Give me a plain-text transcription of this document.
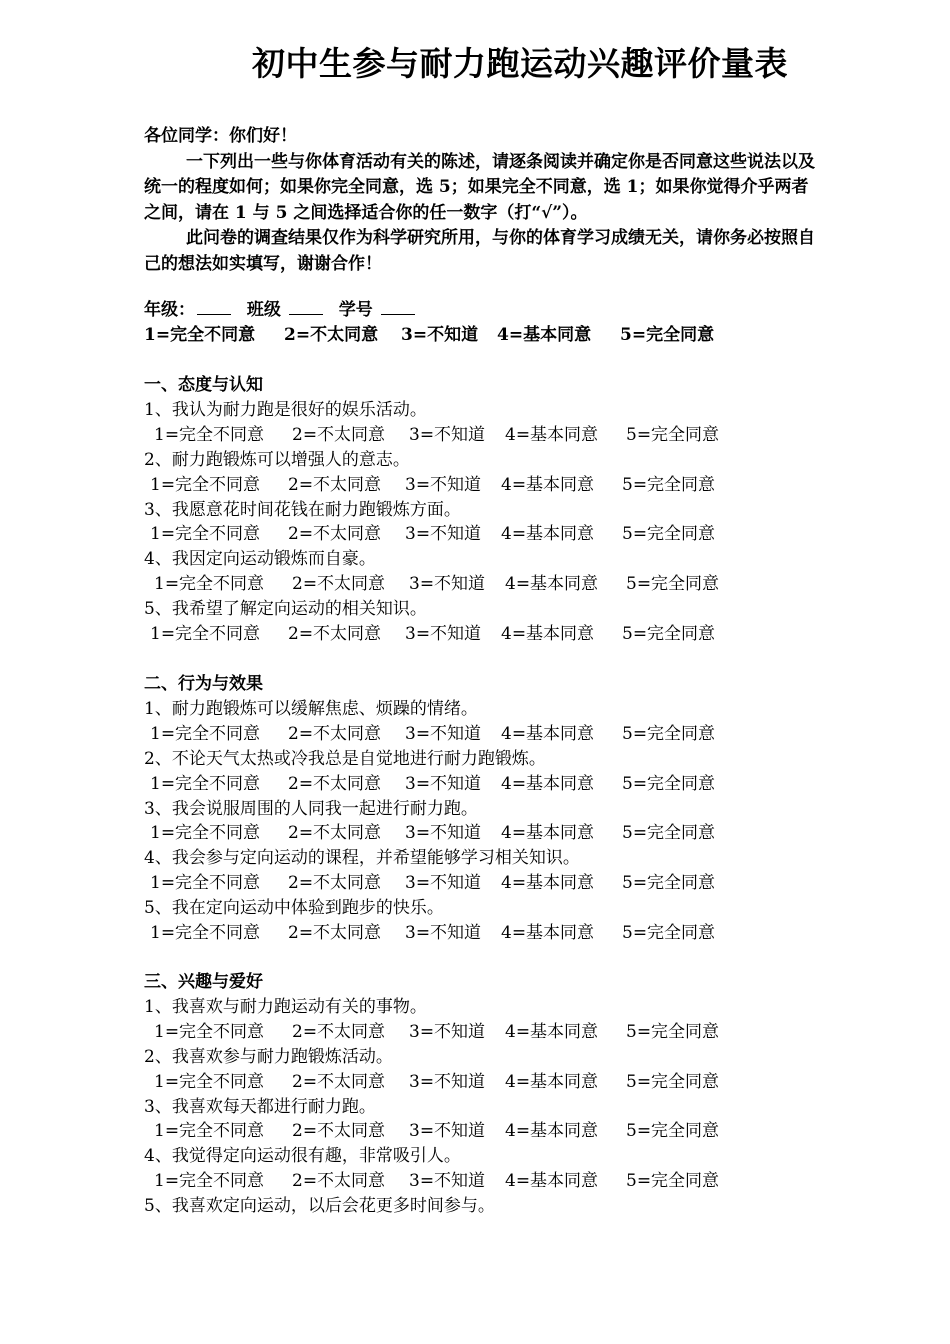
初中生参与耐力跑运动兴趣评价量表

各位同学：你们好！

一下列出一些与你体育活动有关的陈述，请逐条阅读并确定你是否同意这些说法以及统一的程度如何；如果你完全同意，选 5；如果完全不同意，选 1；如果你觉得介乎两者之间，请在 1 与 5 之间选择适合你的任一数字（打“√”）。

此问卷的调查结果仅作为科学研究所用，与你的体育学习成绩无关，请你务必按照自己的想法如实填写，谢谢合作！

年级：	班级	学号
1=完全不同意 2=不太同意 3=不知道 4=基本同意 5=完全同意
一、态度与认知
1、我认为耐力跑是很好的娱乐活动。
1=完全不同意 2=不太同意 3=不知道 4=基本同意 5=完全同意
2、耐力跑锻炼可以增强人的意志。
1=完全不同意 2=不太同意 3=不知道 4=基本同意 5=完全同意
3、我愿意花时间花钱在耐力跑锻炼方面。
1=完全不同意 2=不太同意 3=不知道 4=基本同意 5=完全同意
4、我因定向运动锻炼而自豪。
1=完全不同意 2=不太同意 3=不知道 4=基本同意 5=完全同意
5、我希望了解定向运动的相关知识。
1=完全不同意 2=不太同意 3=不知道 4=基本同意 5=完全同意
二、行为与效果
1、耐力跑锻炼可以缓解焦虑、烦躁的情绪。
1=完全不同意 2=不太同意 3=不知道 4=基本同意 5=完全同意
2、不论天气太热或冷我总是自觉地进行耐力跑锻炼。
1=完全不同意 2=不太同意 3=不知道 4=基本同意 5=完全同意
3、我会说服周围的人同我一起进行耐力跑。
1=完全不同意 2=不太同意 3=不知道 4=基本同意 5=完全同意
4、我会参与定向运动的课程，并希望能够学习相关知识。
1=完全不同意 2=不太同意 3=不知道 4=基本同意 5=完全同意
5、我在定向运动中体验到跑步的快乐。
1=完全不同意 2=不太同意 3=不知道 4=基本同意 5=完全同意
三、兴趣与爱好
1、我喜欢与耐力跑运动有关的事物。
1=完全不同意 2=不太同意 3=不知道 4=基本同意 5=完全同意
2、我喜欢参与耐力跑锻炼活动。
1=完全不同意 2=不太同意 3=不知道 4=基本同意 5=完全同意
3、我喜欢每天都进行耐力跑。
1=完全不同意 2=不太同意 3=不知道 4=基本同意 5=完全同意
4、我觉得定向运动很有趣，非常吸引人。
1=完全不同意 2=不太同意 3=不知道 4=基本同意 5=完全同意
5、我喜欢定向运动，以后会花更多时间参与。
